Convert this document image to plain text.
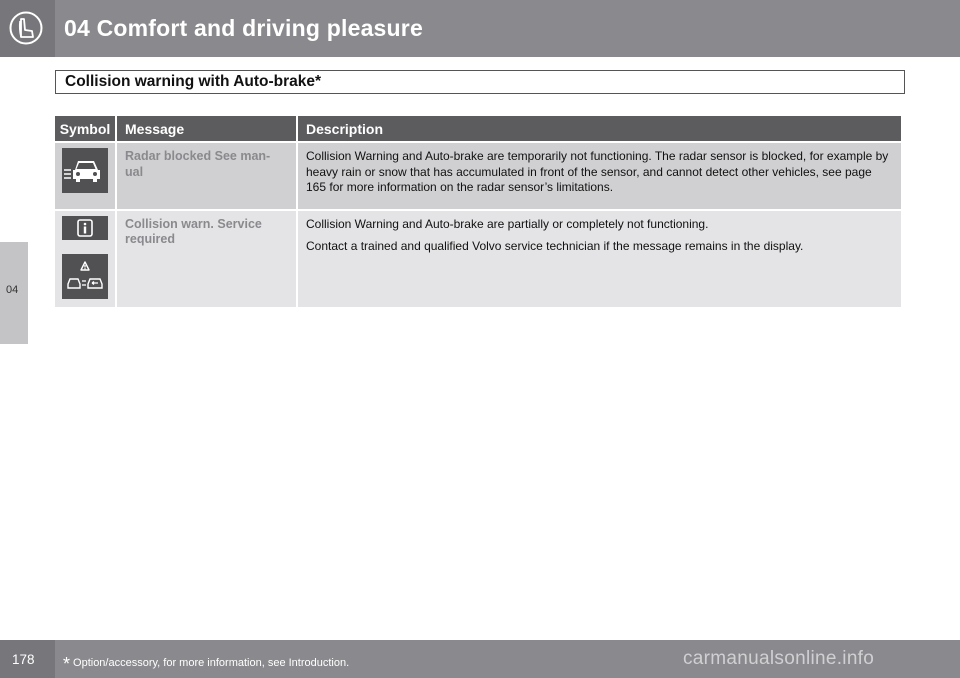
04 Comfort and driving pleasure
04
Collision warning with Auto-brake*
Symbol	Message	Description

	Radar blocked See man-ual	Collision Warning and Auto-brake are temporarily not functioning. The radar sensor is blocked, for example by heavy rain or snow that has accumulated in front of the sensor, and cannot detect other vehicles, see page 165 for more information on the radar sensor’s limitations.

	Collision warn. Service required	Collision Warning and Auto-brake are partially or completely not functioning.

Contact a trained and qualified Volvo service technician if the message remains in the display.

178 * Option/accessory, for more information, see Introduction.	carmanualsonline.info
